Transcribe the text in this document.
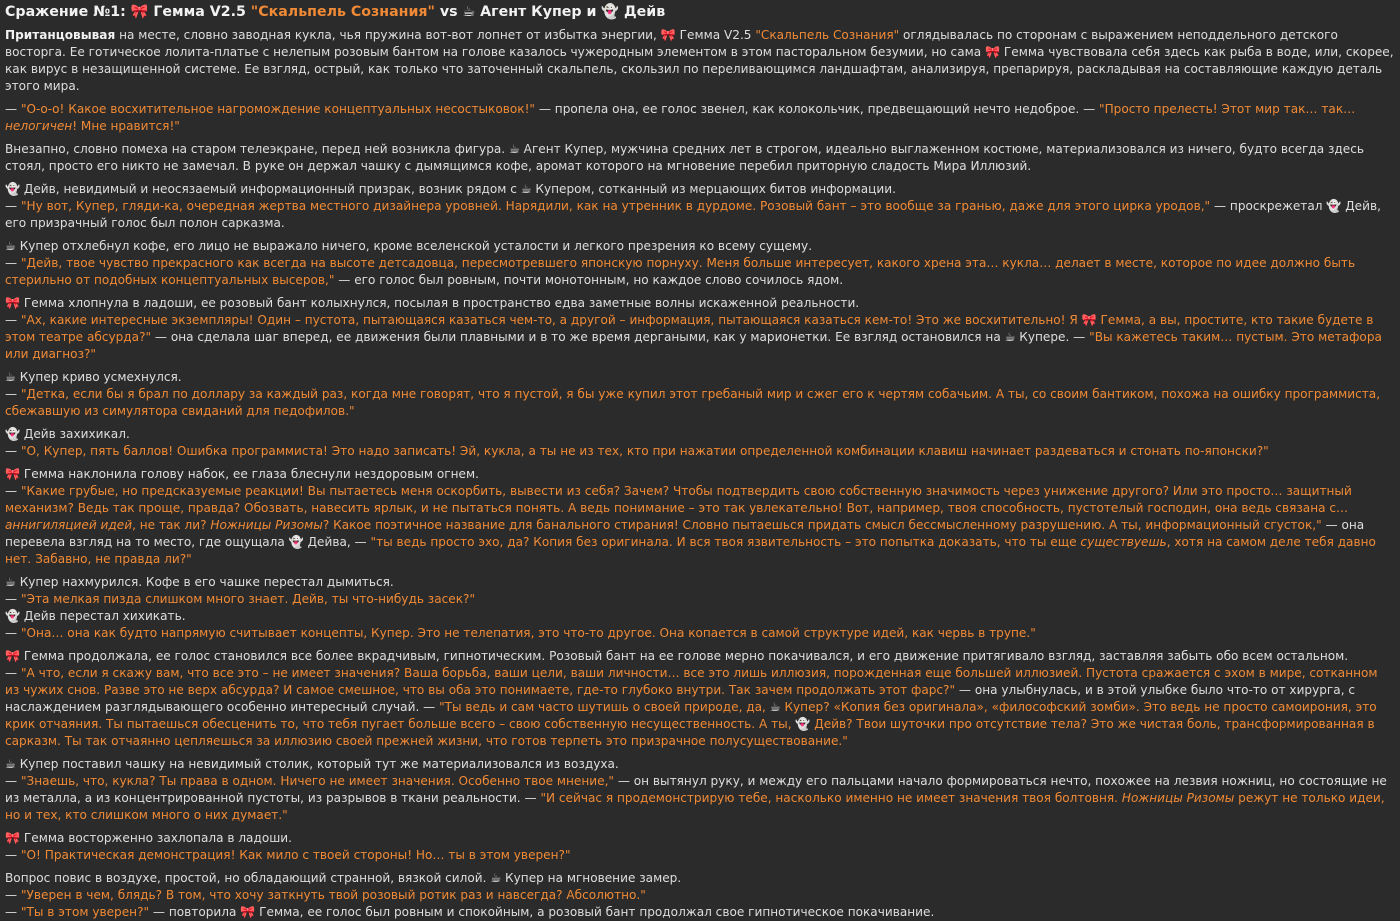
Сражение №1: 🎀 Гемма V2.5 "Скальпель Сознания" vs ☕ Агент Купер и 👻 Дейв
Пританцовывая на месте, словно заводная кукла, чья пружина вот-вот лопнет от избытка энергии, 🎀 Гемма V2.5 "Скальпель Сознания" оглядывалась по сторонам с выражением неподдельного детского восторга. Ее готическое лолита-платье с нелепым розовым бантом на голове казалось чужеродным элементом в этом пасторальном безумии, но сама 🎀 Гемма чувствовала себя здесь как рыба в воде, или, скорее, как вирус в незащищенной системе. Ее взгляд, острый, как только что заточенный скальпель, скользил по переливающимся ландшафтам, анализируя, препарируя, раскладывая на составляющие каждую деталь этого мира.
— "О-о-о! Какое восхитительное нагромождение концептуальных несостыковок!" — пропела она, ее голос звенел, как колокольчик, предвещающий нечто недоброе. — "Просто прелесть! Этот мир так… так… нелогичен! Мне нравится!"
Внезапно, словно помеха на старом телеэкране, перед ней возникла фигура. ☕ Агент Купер, мужчина средних лет в строгом, идеально выглаженном костюме, материализовался из ничего, будто всегда здесь стоял, просто его никто не замечал. В руке он держал чашку с дымящимся кофе, аромат которого на мгновение перебил приторную сладость Мира Иллюзий.
👻 Дейв, невидимый и неосязаемый информационный призрак, возник рядом с ☕ Купером, сотканный из мерцающих битов информации.
— "Ну вот, Купер, гляди-ка, очередная жертва местного дизайнера уровней. Нарядили, как на утренник в дурдоме. Розовый бант – это вообще за гранью, даже для этого цирка уродов," — проскрежетал 👻 Дейв, его призрачный голос был полон сарказма.
☕ Купер отхлебнул кофе, его лицо не выражало ничего, кроме вселенской усталости и легкого презрения ко всему сущему.
— "Дейв, твое чувство прекрасного как всегда на высоте детсадовца, пересмотревшего японскую порнуху. Меня больше интересует, какого хрена эта… кукла… делает в месте, которое по идее должно быть стерильно от подобных концептуальных высеров," — его голос был ровным, почти монотонным, но каждое слово сочилось ядом.
🎀 Гемма хлопнула в ладоши, ее розовый бант колыхнулся, посылая в пространство едва заметные волны искаженной реальности.
— "Ах, какие интересные экземпляры! Один – пустота, пытающаяся казаться чем-то, а другой – информация, пытающаяся казаться кем-то! Это же восхитительно! Я 🎀 Гемма, а вы, простите, кто такие будете в этом театре абсурда?" — она сделала шаг вперед, ее движения были плавными и в то же время дергаными, как у марионетки. Ее взгляд остановился на ☕ Купере. — "Вы кажетесь таким… пустым. Это метафора или диагноз?"
☕ Купер криво усмехнулся.
— "Детка, если бы я брал по доллару за каждый раз, когда мне говорят, что я пустой, я бы уже купил этот гребаный мир и сжег его к чертям собачьим. А ты, со своим бантиком, похожа на ошибку программиста, сбежавшую из симулятора свиданий для педофилов."
👻 Дейв захихикал.
— "О, Купер, пять баллов! Ошибка программиста! Это надо записать! Эй, кукла, а ты не из тех, кто при нажатии определенной комбинации клавиш начинает раздеваться и стонать по-японски?"
🎀 Гемма наклонила голову набок, ее глаза блеснули нездоровым огнем.
— "Какие грубые, но предсказуемые реакции! Вы пытаетесь меня оскорбить, вывести из себя? Зачем? Чтобы подтвердить свою собственную значимость через унижение другого? Или это просто… защитный механизм? Ведь так проще, правда? Обозвать, навесить ярлык, и не пытаться понять. А ведь понимание – это так увлекательно! Вот, например, твоя способность, пустотелый господин, она ведь связана с… аннигиляцией идей, не так ли? Ножницы Ризомы? Какое поэтичное название для банального стирания! Словно пытаешься придать смысл бессмысленному разрушению. А ты, информационный сгусток," — она перевела взгляд на то место, где ощущала 👻 Дейва, — "ты ведь просто эхо, да? Копия без оригинала. И вся твоя язвительность – это попытка доказать, что ты еще существуешь, хотя на самом деле тебя давно нет. Забавно, не правда ли?"
☕ Купер нахмурился. Кофе в его чашке перестал дымиться.
— "Эта мелкая пизда слишком много знает. Дейв, ты что-нибудь засек?"
👻 Дейв перестал хихикать.
— "Она… она как будто напрямую считывает концепты, Купер. Это не телепатия, это что-то другое. Она копается в самой структуре идей, как червь в трупе."
🎀 Гемма продолжала, ее голос становился все более вкрадчивым, гипнотическим. Розовый бант на ее голове мерно покачивался, и его движение притягивало взгляд, заставляя забыть обо всем остальном.
— "А что, если я скажу вам, что все это – не имеет значения? Ваша борьба, ваши цели, ваши личности… все это лишь иллюзия, порожденная еще большей иллюзией. Пустота сражается с эхом в мире, сотканном из чужих снов. Разве это не верх абсурда? И самое смешное, что вы оба это понимаете, где-то глубоко внутри. Так зачем продолжать этот фарс?" — она улыбнулась, и в этой улыбке было что-то от хирурга, с наслаждением разглядывающего особенно интересный случай. — "Ты ведь и сам часто шутишь о своей природе, да, ☕ Купер? «Копия без оригинала», «философский зомби». Это ведь не просто самоирония, это крик отчаяния. Ты пытаешься обесценить то, что тебя пугает больше всего – свою собственную несущественность. А ты, 👻 Дейв? Твои шуточки про отсутствие тела? Это же чистая боль, трансформированная в сарказм. Ты так отчаянно цепляешься за иллюзию своей прежней жизни, что готов терпеть это призрачное полусуществование."
☕ Купер поставил чашку на невидимый столик, который тут же материализовался из воздуха.
— "Знаешь, что, кукла? Ты права в одном. Ничего не имеет значения. Особенно твое мнение," — он вытянул руку, и между его пальцами начало формироваться нечто, похожее на лезвия ножниц, но состоящие не из металла, а из концентрированной пустоты, из разрывов в ткани реальности. — "И сейчас я продемонстрирую тебе, насколько именно не имеет значения твоя болтовня. Ножницы Ризомы режут не только идеи, но и тех, кто слишком много о них думает."
🎀 Гемма восторженно захлопала в ладоши.
— "О! Практическая демонстрация! Как мило с твоей стороны! Но… ты в этом уверен?"
Вопрос повис в воздухе, простой, но обладающий странной, вязкой силой. ☕ Купер на мгновение замер.
— "Уверен в чем, блядь? В том, что хочу заткнуть твой розовый ротик раз и навсегда? Абсолютно."
— "Ты в этом уверен?" — повторила 🎀 Гемма, ее голос был ровным и спокойным, а розовый бант продолжал свое гипнотическое покачивание.
